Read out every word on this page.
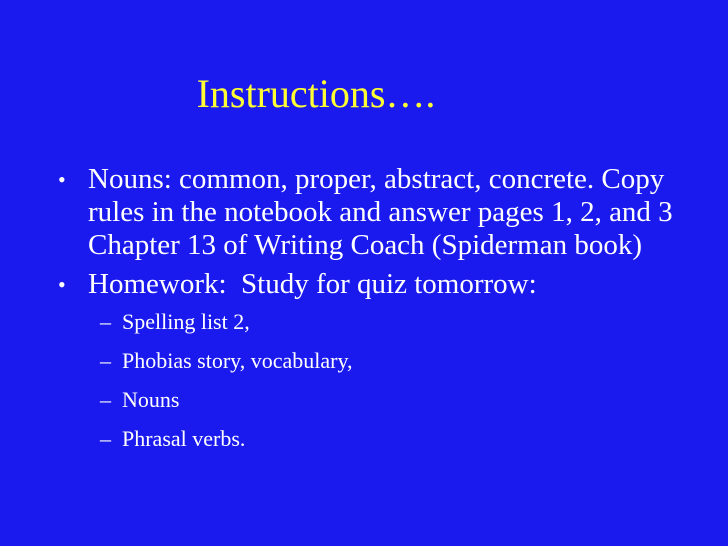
Instructions….
• Nouns: common, proper, abstract, concrete. Copy rules in the notebook and answer pages 1, 2, and 3 Chapter 13 of Writing Coach (Spiderman book)
• Homework:  Study for quiz tomorrow:
– Spelling list 2,
– Phobias story, vocabulary,
– Nouns
– Phrasal verbs.
